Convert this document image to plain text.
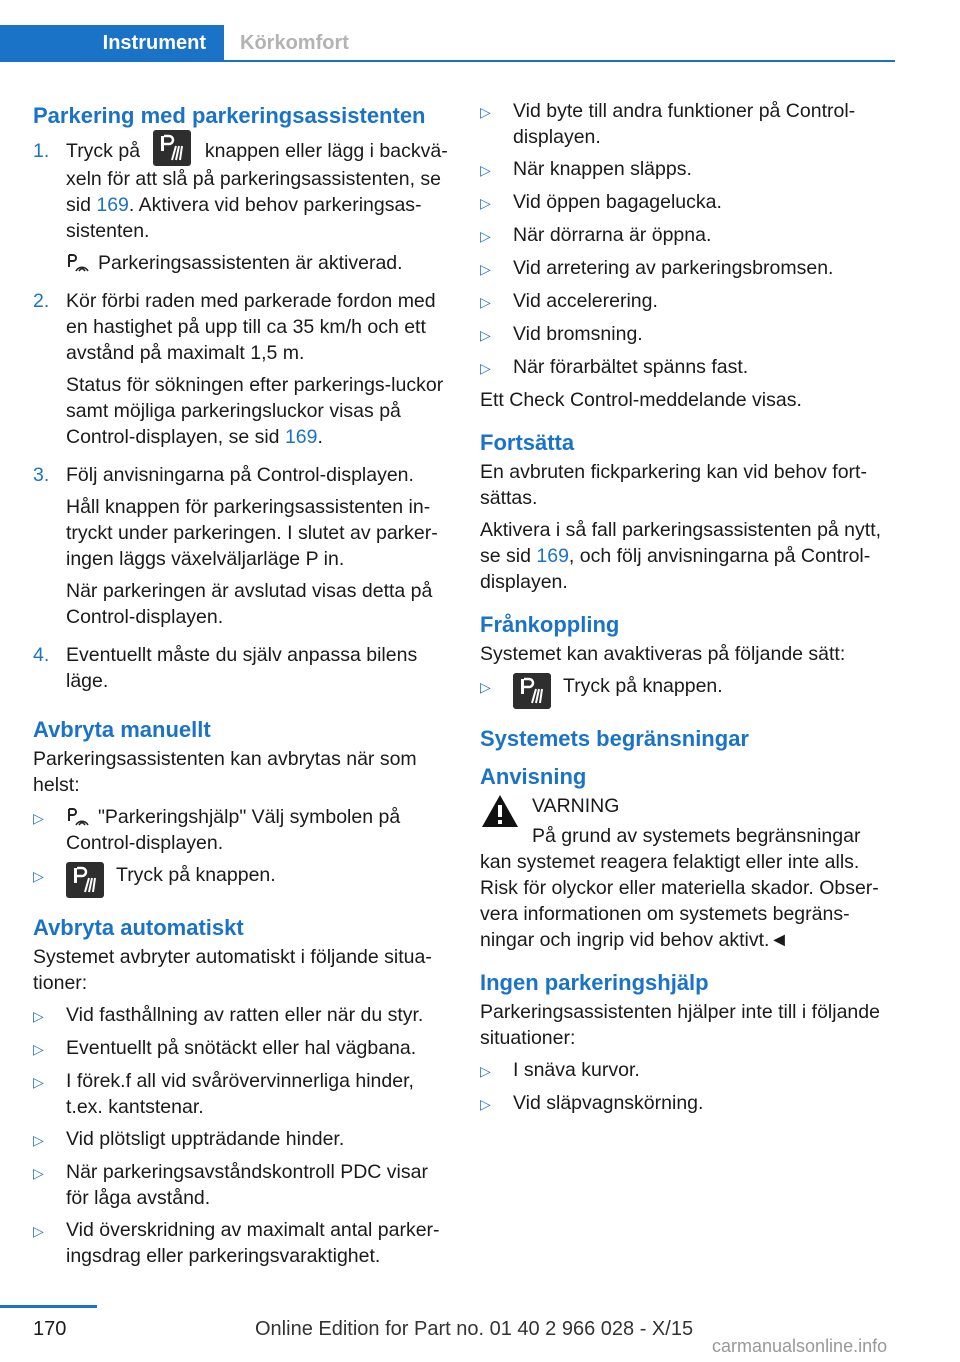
Instrument	Körkomfort
Parkering med parkeringsassistenten
1. Tryck på	knappen eller lägg i backvä-xeln för att slå på parkeringsassistenten, se sid 169. Aktivera vid behov parkeringsas-sistenten.

Parkeringsassistenten är aktiverad.

2. Kör förbi raden med parkerade fordon med en hastighet på upp till ca 35 km/h och ett avstånd på maximalt 1,5 m.

Status för sökningen efter parkerings-luckor samt möjliga parkeringsluckor visas på Control-displayen, se sid 169.

3. Följ anvisningarna på Control-displayen.

Håll knappen för parkeringsassistenten in-tryckt under parkeringen. I slutet av parker-ingen läggs växelväljarläge P in.

När parkeringen är avslutad visas detta på Control-displayen.

4. Eventuellt måste du själv anpassa bilens läge.

Avbryta manuellt

Parkeringsassistenten kan avbrytas när som helst:

▷	"Parkeringshjälp" Välj symbolen på Control-displayen.
▷	Tryck på knappen.
Avbryta automatiskt

Systemet avbryter automatiskt i följande situa-tioner:

▷	Vid fasthållning av ratten eller när du styr.
▷	Eventuellt på snötäckt eller hal vägbana.
▷	I förek.f all vid svårövervinnerliga hinder, t.ex. kantstenar.
▷	Vid plötsligt uppträdande hinder.
▷	När parkeringsavståndskontroll PDC visar för låga avstånd.
▷	Vid överskridning av maximalt antal parker-ingsdrag eller parkeringsvaraktighet.
▷	Vid byte till andra funktioner på Control-displayen.
▷	När knappen släpps.
▷	Vid öppen bagagelucka.
▷	När dörrarna är öppna.
▷	Vid arretering av parkeringsbromsen.
▷	Vid accelerering.
▷	Vid bromsning.
▷	När förarbältet spänns fast.

Ett Check Control-meddelande visas.

Fortsätta

En avbruten fickparkering kan vid behov fort-sättas.

Aktivera i så fall parkeringsassistenten på nytt, se sid 169, och följ anvisningarna på Control-displayen.

Frånkoppling

Systemet kan avaktiveras på följande sätt:

▷	Tryck på knappen.
Systemets begränsningar
Anvisning

VARNING

På grund av systemets begränsningar

kan systemet reagera felaktigt eller inte alls. Risk för olyckor eller materiella skador. Obser-vera informationen om systemets begräns-ningar och ingrip vid behov aktivt.◄

Ingen parkeringshjälp

Parkeringsassistenten hjälper inte till i följande situationer:

▷	I snäva kurvor.
▷	Vid släpvagnskörning.
170	Online Edition for Part no. 01 40 2 966 028 - X/15
carmanualsonline.info
